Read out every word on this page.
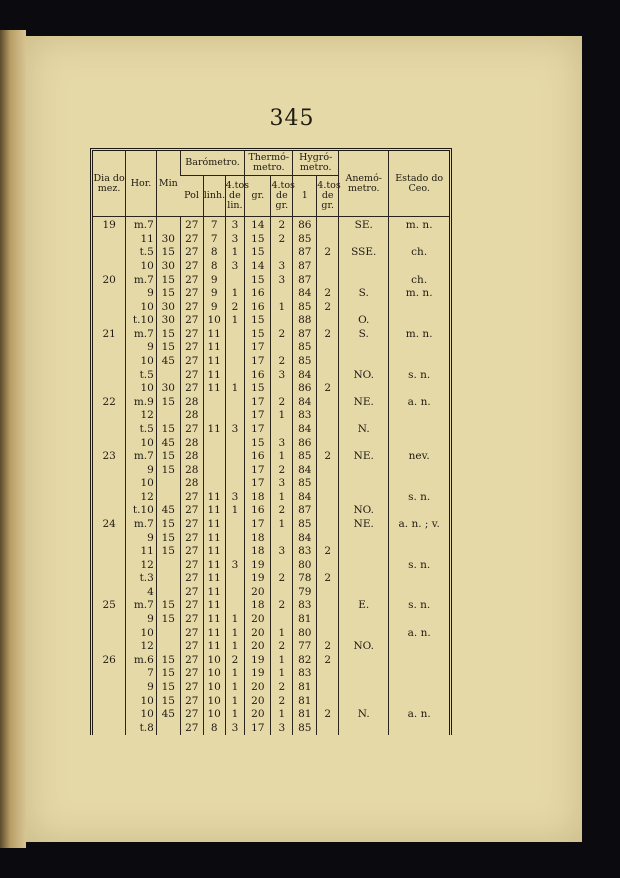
345
Dia do mez.	Hor.	Min	Barómetro.			Thermó-metro.		Hygró-metro.		Anemó-metro.	Estado do Ceo.
			Pol	linh.	4.tos de lin.	gr.	4.tos de gr.	1	4.tos de gr.		
19	m.7		27	7	3	14	2	86		SE.	m. n.
	11	30	27	7	3	15	2	85			
	t.5	15	27	8	1	15		87	2	SSE.	ch.
	10	30	27	8	3	14	3	87			
20	m.7	15	27	9		15	3	87			ch.
	9	15	27	9	1	16		84	2	S.	m. n.
	10	30	27	9	2	16	1	85	2		
	t.10	30	27	10	1	15		88		O.	
21	m.7	15	27	11		15	2	87	2	S.	m. n.
	9	15	27	11		17		85			
	10	45	27	11		17	2	85			
	t.5		27	11		16	3	84		NO.	s. n.
	10	30	27	11	1	15		86	2		
22	m.9	15	28			17	2	84		NE.	a. n.
	12		28			17	1	83			
	t.5	15	27	11	3	17		84		N.	
	10	45	28			15	3	86			
23	m.7	15	28			16	1	85	2	NE.	nev.
	9	15	28			17	2	84			
	10		28			17	3	85			
	12		27	11	3	18	1	84			s. n.
	t.10	45	27	11	1	16	2	87		NO.	
24	m.7	15	27	11		17	1	85		NE.	a. n. ; v.
	9	15	27	11		18		84			
	11	15	27	11		18	3	83	2		
	12		27	11	3	19		80			s. n.
	t.3		27	11		19	2	78	2		
	4		27	11		20		79			
25	m.7	15	27	11		18	2	83		E.	s. n.
	9	15	27	11	1	20		81			
	10		27	11	1	20	1	80			a. n.
	12		27	11	1	20	2	77	2	NO.	
26	m.6	15	27	10	2	19	1	82	2		
	7	15	27	10	1	19	1	83			
	9	15	27	10	1	20	2	81			
	10	15	27	10	1	20	2	81			
	10	45	27	10	1	20	1	81	2	N.	a. n.
	t.8		27	8	3	17	3	85			
